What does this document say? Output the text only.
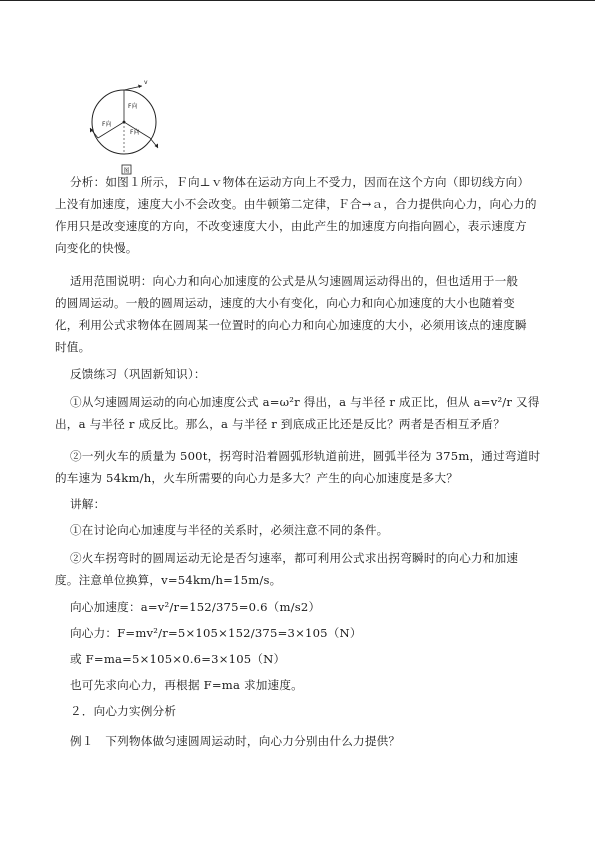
v
F向
F向
F向
图
分析：如图１所示，Ｆ向⊥ｖ物体在运动方向上不受力，因而在这个方向（即切线方向）
上没有加速度，速度大小不会改变。由牛顿第二定律，Ｆ合→ａ，合力提供向心力，向心力的
作用只是改变速度的方向，不改变速度大小，由此产生的加速度方向指向圆心，表示速度方
向变化的快慢。
适用范围说明：向心力和向心加速度的公式是从匀速圆周运动得出的，但也适用于一般
的圆周运动。一般的圆周运动，速度的大小有变化，向心力和向心加速度的大小也随着变
化，利用公式求物体在圆周某一位置时的向心力和向心加速度的大小，必须用该点的速度瞬
时值。
反馈练习（巩固新知识）：
①从匀速圆周运动的向心加速度公式 a=ω²r 得出，a 与半径 r 成正比，但从 a=v²/r 又得
出，a 与半径 r 成反比。那么，a 与半径 r 到底成正比还是反比？两者是否相互矛盾？
②一列火车的质量为 500t，拐弯时沿着圆弧形轨道前进，圆弧半径为 375m，通过弯道时
的车速为 54km/h，火车所需要的向心力是多大？产生的向心加速度是多大？
讲解：
①在讨论向心加速度与半径的关系时，必须注意不同的条件。
②火车拐弯时的圆周运动无论是否匀速率，都可利用公式求出拐弯瞬时的向心力和加速
度。注意单位换算，v=54km/h=15m/s。
向心加速度：a=v²/r=152/375=0.6（m/s2）
向心力：F=mv²/r=5×105×152/375=3×105（N）
或 F=ma=5×105×0.6=3×105（N）
也可先求向心力，再根据 F=ma 求加速度。
２．向心力实例分析
例１　下列物体做匀速圆周运动时，向心力分别由什么力提供？
